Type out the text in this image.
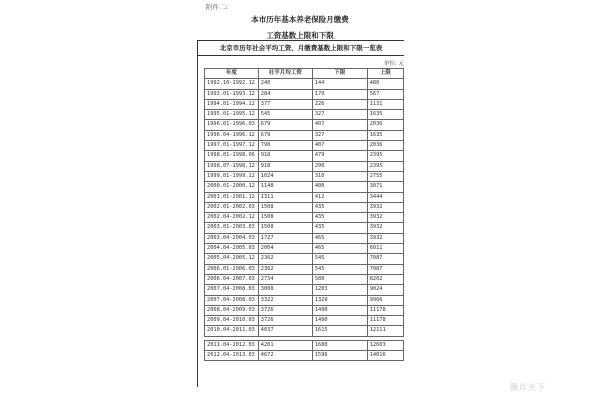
附件二:
本市历年基本养老保险月缴费
工资基数上限和下限
北京市历年社会平均工资、月缴费基数上限和下限一览表
单位: 元
年度	社平月均工资	下限	上限
1992.10-1992.12	240	144	480
1993.01-1993.12	284	170	567
1994.01-1994.12	377	226	1131
1995.01-1995.12	545	327	1635
1996.01-1996.03	679	407	2036
1996.04-1996.12	679	327	1635
1997.01-1997.12	798	407	2036
1998.01-1998.06	918	479	2395
1998.07-1998.12	918	290	2395
1999.01-1999.12	1024	310	2755
2000.01-2000.12	1148	400	3071
2001.01-2001.12	1311	412	3444
2002.01-2002.03	1508	435	3932
2002.04-2002.12	1508	435	3932
2003.01-2003.03	1508	435	3932
2003.04-2004.03	1727	465	3932
2004.04-2005.03	2004	465	6011
2005.04-2005.12	2362	545	7087
2006.01-2006.03	2362	545	7087
2006.04-2007.03	2734	580	8202
2007.04-2008.03	3008	1203	9024
2007.04-2008.03	3322	1329	9966
2008.04-2009.03	3726	1490	11178
2009.04-2010.03	3726	1490	11178
2010.04-2011.03	4037	1615	12111

2011.04-2012.03	4201	1680	12603
2012.04-2013.03	4672	1596	14016
图片天下
